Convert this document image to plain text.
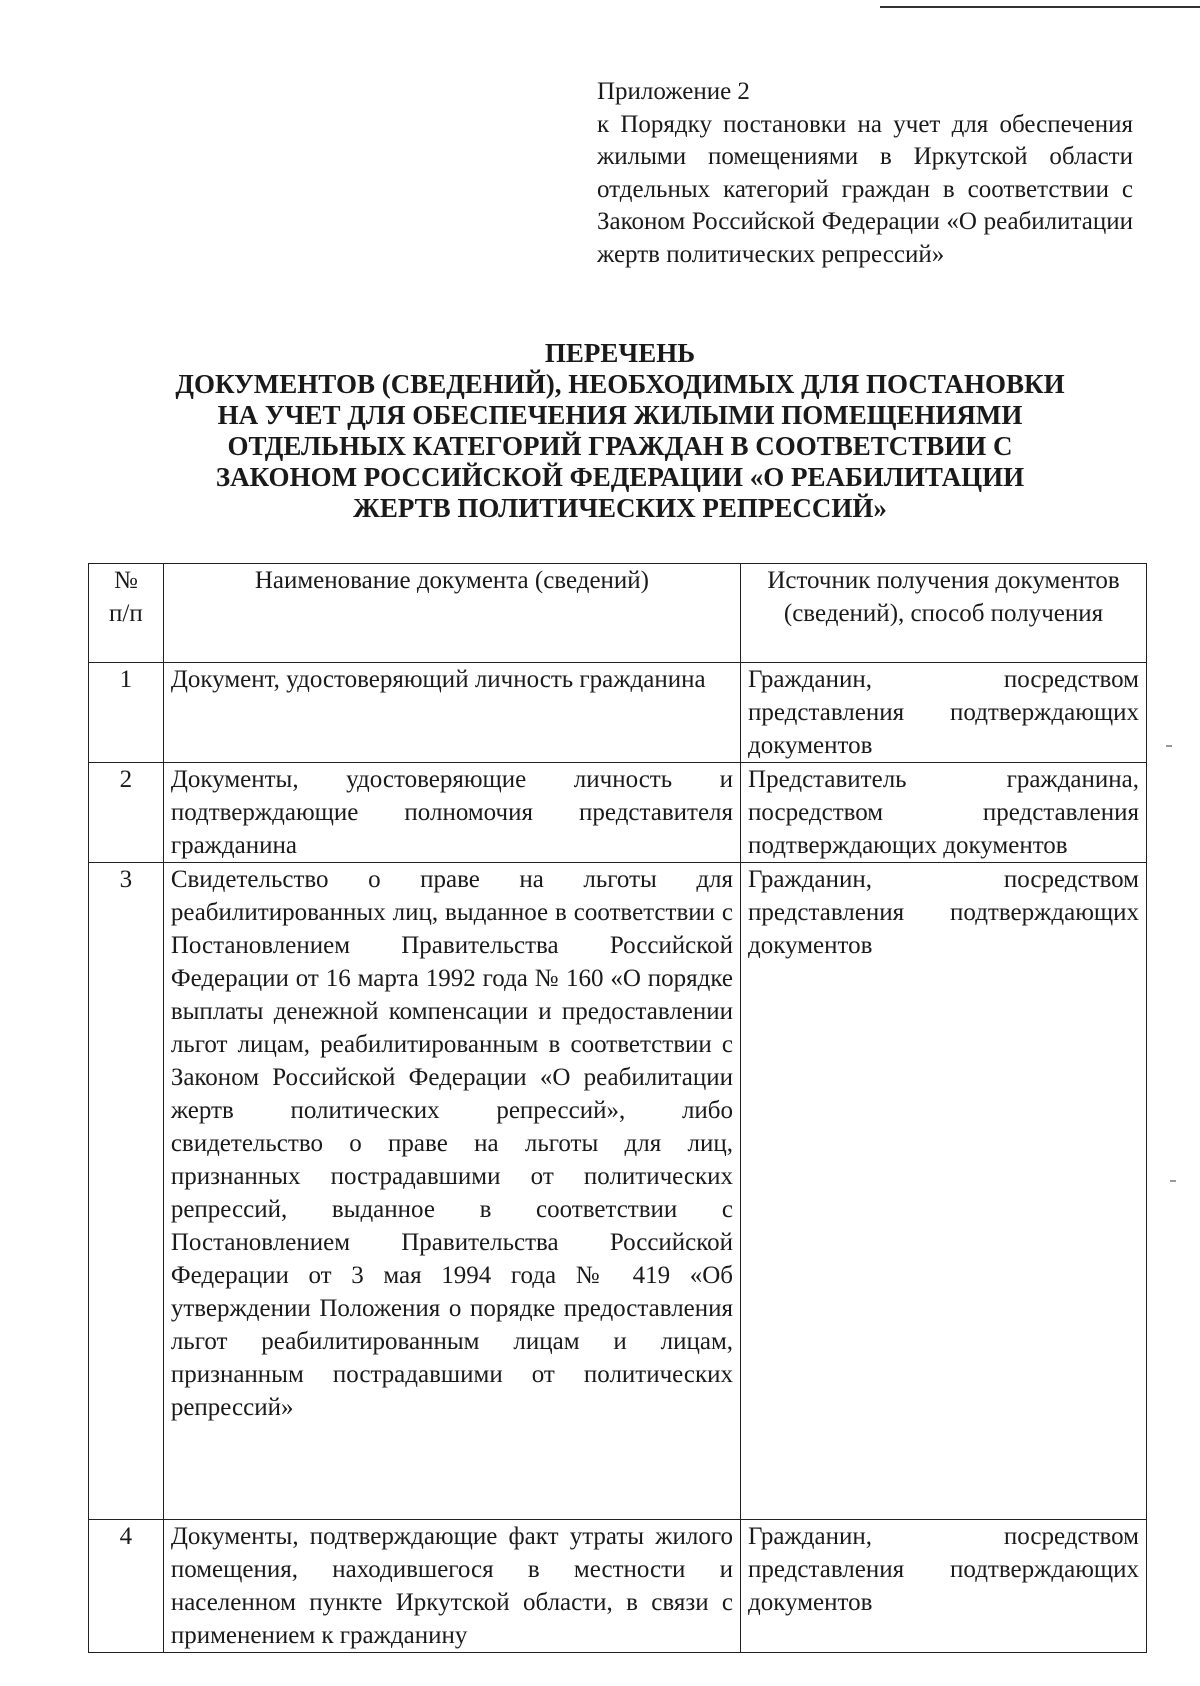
Приложение 2
к Порядку постановки на учет для обеспечения жилыми помещениями в Иркутской области отдельных категорий граждан в соответствии с Законом Российской Федерации «О реабилитации жертв политических репрессий»
ПЕРЕЧЕНЬ
ДОКУМЕНТОВ (СВЕДЕНИЙ), НЕОБХОДИМЫХ ДЛЯ ПОСТАНОВКИ
НА УЧЕТ ДЛЯ ОБЕСПЕЧЕНИЯ ЖИЛЫМИ ПОМЕЩЕНИЯМИ
ОТДЕЛЬНЫХ КАТЕГОРИЙ ГРАЖДАН В СООТВЕТСТВИИ С
ЗАКОНОМ РОССИЙСКОЙ ФЕДЕРАЦИИ «О РЕАБИЛИТАЦИИ
ЖЕРТВ ПОЛИТИЧЕСКИХ РЕПРЕССИЙ»
№
п/п	Наименование документа (сведений)	Источник получения документов (сведений), способ получения
1	Документ, удостоверяющий личность гражданина	Гражданин, посредством представления подтверждающих документов
2	Документы, удостоверяющие личность и подтверждающие полномочия представителя гражданина	Представитель гражданина, посредством представления подтверждающих документов
3	Свидетельство о праве на льготы для реабилитированных лиц, выданное в соответствии с Постановлением Правительства Российской Федерации от 16 марта 1992 года № 160 «О порядке выплаты денежной компенсации и предоставлении льгот лицам, реабилитированным в соответствии с Законом Российской Федерации «О реабилитации жертв политических репрессий», либо свидетельство о праве на льготы для лиц, признанных пострадавшими от политических репрессий, выданное в соответствии с Постановлением Правительства Российской Федерации от 3 мая 1994 года № 419 «Об утверждении Положения о порядке предоставления льгот реабилитированным лицам и лицам, признанным пострадавшими от политических репрессий»	Гражданин, посредством представления подтверждающих документов
4	Документы, подтверждающие факт утраты жилого помещения, находившегося в местности и населенном пункте Иркутской области, в связи с применением к гражданину	Гражданин, посредством представления подтверждающих документов
